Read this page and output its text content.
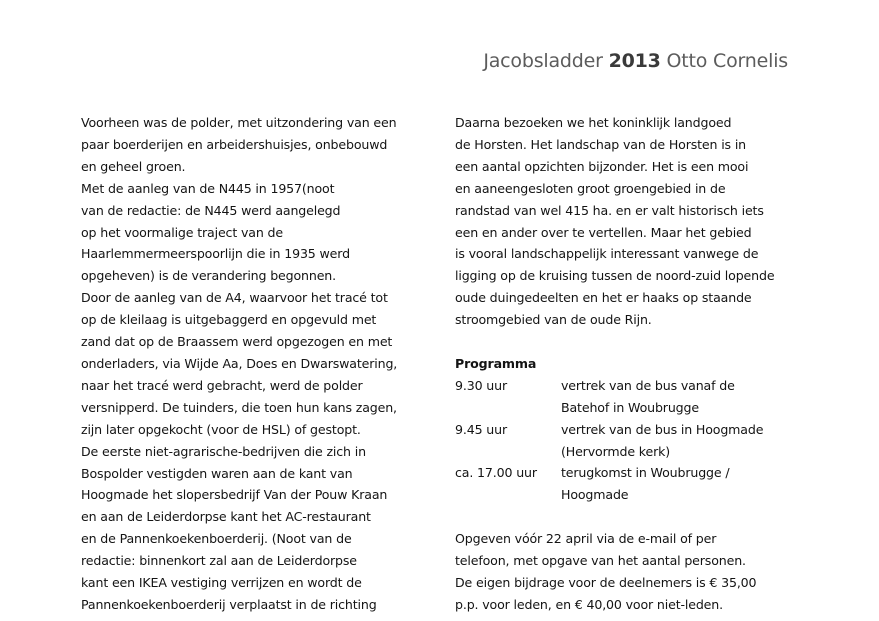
Jacobsladder 2013 Otto Cornelis
Voorheen was de polder, met uitzondering van een
paar boerderijen en arbeidershuisjes, onbebouwd
en geheel groen.
Met de aanleg van de N445 in 1957(noot
van de redactie: de N445 werd aangelegd
op het voormalige traject van de
Haarlemmermeerspoorlijn die in 1935 werd
opgeheven) is de verandering begonnen.
Door de aanleg van de A4, waarvoor het tracé tot
op de kleilaag is uitgebaggerd en opgevuld met
zand dat op de Braassem werd opgezogen en met
onderladers, via Wijde Aa, Does en Dwarswatering,
naar het tracé werd gebracht, werd de polder
versnipperd. De tuinders, die toen hun kans zagen,
zijn later opgekocht (voor de HSL) of gestopt.
De eerste niet-agrarische-bedrijven die zich in
Bospolder vestigden waren aan de kant van
Hoogmade het slopersbedrijf Van der Pouw Kraan
en aan de Leiderdorpse kant het AC-restaurant
en de Pannenkoekenboerderij. (Noot van de
redactie: binnenkort zal aan de Leiderdorpse
kant een IKEA vestiging verrijzen en wordt de
Pannenkoekenboerderij verplaatst in de richting
Daarna bezoeken we het koninklijk landgoed
de Horsten. Het landschap van de Horsten is in
een aantal opzichten bijzonder. Het is een mooi
en aaneengesloten groot groengebied in de
randstad van wel 415 ha. en er valt historisch iets
een en ander over te vertellen. Maar het gebied
is vooral landschappelijk interessant vanwege de
ligging op de kruising tussen de noord-zuid lopende
oude duingedeelten en het er haaks op staande
stroomgebied van de oude Rijn.
Programma
9.30 uur	vertrek van de bus vanaf de
Batehof in Woubrugge
9.45 uur	vertrek van de bus in Hoogmade
(Hervormde kerk)
ca. 17.00 uur	terugkomst in Woubrugge /
Hoogmade
Opgeven vóór 22 april via de e-mail of per
telefoon, met opgave van het aantal personen.
De eigen bijdrage voor de deelnemers is € 35,00
p.p. voor leden, en € 40,00 voor niet-leden.
